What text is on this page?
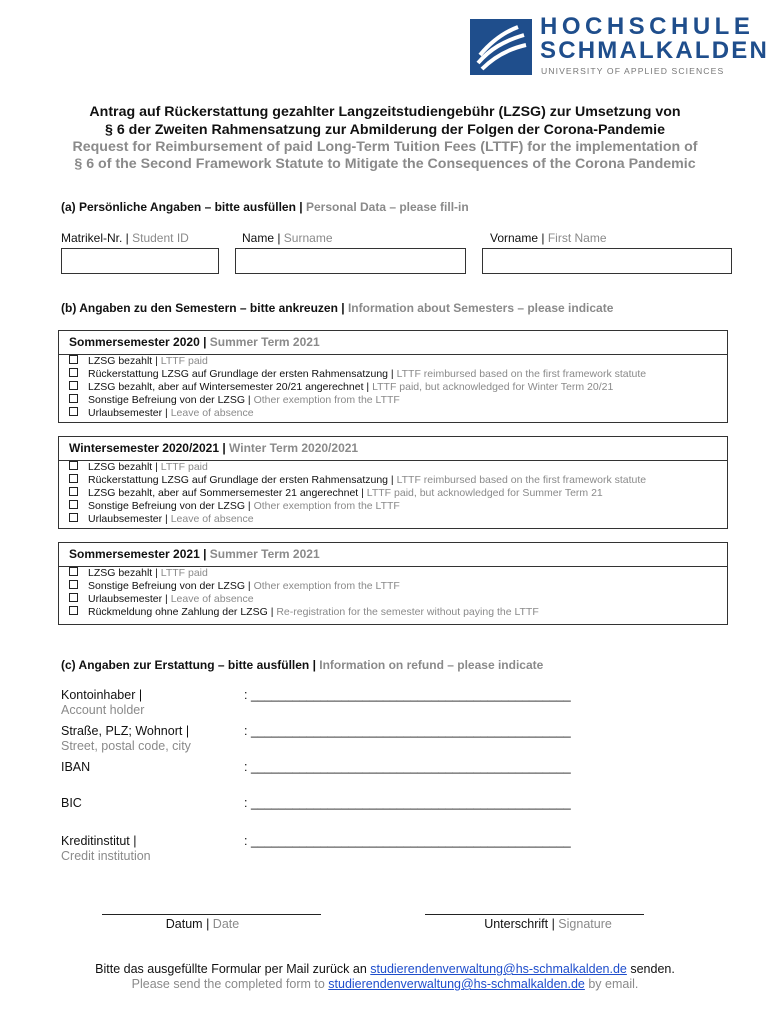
HOCHSCHULE
SCHMALKALDEN
UNIVERSITY OF APPLIED SCIENCES
Antrag auf Rückerstattung gezahlter Langzeitstudiengebühr (LZSG) zur Umsetzung von
§ 6 der Zweiten Rahmensatzung zur Abmilderung der Folgen der Corona-Pandemie
Request for Reimbursement of paid Long-Term Tuition Fees (LTTF) for the implementation of
§ 6 of the Second Framework Statute to Mitigate the Consequences of the Corona Pandemic
(a) Persönliche Angaben – bitte ausfüllen | Personal Data – please fill-in
Matrikel-Nr. | Student ID	Name | Surname	Vorname | First Name
(b) Angaben zu den Semestern – bitte ankreuzen | Information about Semesters – please indicate
Sommersemester 2020 | Summer Term 2021
LZSG bezahlt | LTTF paid
Rückerstattung LZSG auf Grundlage der ersten Rahmensatzung | LTTF reimbursed based on the first framework statute
LZSG bezahlt, aber auf Wintersemester 20/21 angerechnet | LTTF paid, but acknowledged for Winter Term 20/21
Sonstige Befreiung von der LZSG | Other exemption from the LTTF
Urlaubsemester | Leave of absence
Wintersemester 2020/2021 | Winter Term 2020/2021
LZSG bezahlt | LTTF paid
Rückerstattung LZSG auf Grundlage der ersten Rahmensatzung | LTTF reimbursed based on the first framework statute
LZSG bezahlt, aber auf Sommersemester 21 angerechnet | LTTF paid, but acknowledged for Summer Term 21
Sonstige Befreiung von der LZSG | Other exemption from the LTTF
Urlaubsemester | Leave of absence
Sommersemester 2021 | Summer Term 2021
LZSG bezahlt | LTTF paid
Sonstige Befreiung von der LZSG | Other exemption from the LTTF
Urlaubsemester | Leave of absence
Rückmeldung ohne Zahlung der LZSG | Re-registration for the semester without paying the LTTF
(c) Angaben zur Erstattung – bitte ausfüllen | Information on refund – please indicate
Kontoinhaber |
Account holder
: ______________________________________________
Straße, PLZ; Wohnort |
Street, postal code, city
: ______________________________________________
IBAN	: ______________________________________________
BIC	: ______________________________________________
Kreditinstitut |
Credit institution
: ______________________________________________
Datum | Date	Unterschrift | Signature
Bitte das ausgefüllte Formular per Mail zurück an studierendenverwaltung@hs-schmalkalden.de senden.
Please send the completed form to studierendenverwaltung@hs-schmalkalden.de by email.
